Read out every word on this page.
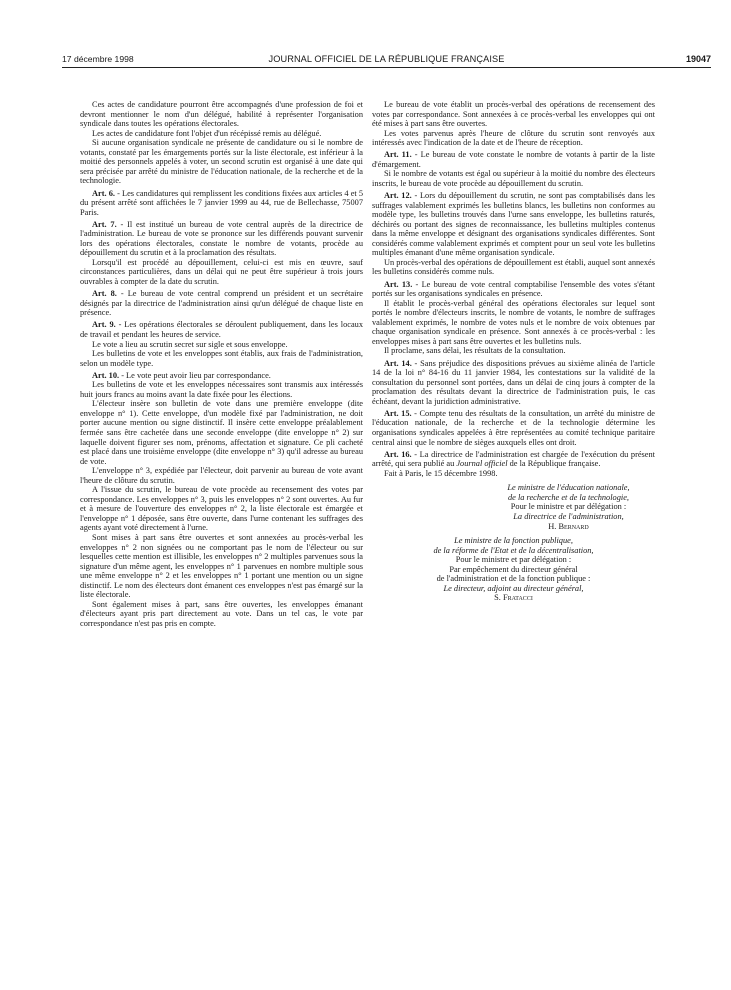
17 décembre 1998	JOURNAL OFFICIEL DE LA RÉPUBLIQUE FRANÇAISE	19047

Ces actes de candidature pourront être accompagnés d'une profession de foi et devront mentionner le nom d'un délégué, habilité à représenter l'organisation syndicale dans toutes les opérations électorales.

Les actes de candidature font l'objet d'un récépissé remis au délégué.

Si aucune organisation syndicale ne présente de candidature ou si le nombre de votants, constaté par les émargements portés sur la liste électorale, est inférieur à la moitié des personnels appelés à voter, un second scrutin est organisé à une date qui sera précisée par arrêté du ministre de l'éducation nationale, de la recherche et de la technologie.

Art. 6. - Les candidatures qui remplissent les conditions fixées aux articles 4 et 5 du présent arrêté sont affichées le 7 janvier 1999 au 44, rue de Bellechasse, 75007 Paris.

Art. 7. - Il est institué un bureau de vote central auprès de la directrice de l'administration. Le bureau de vote se prononce sur les différends pouvant survenir lors des opérations électorales, constate le nombre de votants, procède au dépouillement du scrutin et à la proclamation des résultats.

Lorsqu'il est procédé au dépouillement, celui-ci est mis en œuvre, sauf circonstances particulières, dans un délai qui ne peut être supérieur à trois jours ouvrables à compter de la date du scrutin.

Art. 8. - Le bureau de vote central comprend un président et un secrétaire désignés par la directrice de l'administration ainsi qu'un délégué de chaque liste en présence.

Art. 9. - Les opérations électorales se déroulent publiquement, dans les locaux de travail et pendant les heures de service.

Le vote a lieu au scrutin secret sur sigle et sous enveloppe.

Les bulletins de vote et les enveloppes sont établis, aux frais de l'administration, selon un modèle type.

Art. 10. - Le vote peut avoir lieu par correspondance.

Les bulletins de vote et les enveloppes nécessaires sont transmis aux intéressés huit jours francs au moins avant la date fixée pour les élections.

L'électeur insère son bulletin de vote dans une première enveloppe (dite enveloppe n° 1). Cette enveloppe, d'un modèle fixé par l'administration, ne doit porter aucune mention ou signe distinctif. Il insère cette enveloppe préalablement fermée sans être cachetée dans une seconde enveloppe (dite enveloppe n° 2) sur laquelle doivent figurer ses nom, prénoms, affectation et signature. Ce pli cacheté est placé dans une troisième enveloppe (dite enveloppe n° 3) qu'il adresse au bureau de vote.

L'enveloppe n° 3, expédiée par l'électeur, doit parvenir au bureau de vote avant l'heure de clôture du scrutin.

A l'issue du scrutin, le bureau de vote procède au recensement des votes par correspondance. Les enveloppes n° 3, puis les enveloppes n° 2 sont ouvertes. Au fur et à mesure de l'ouverture des enveloppes n° 2, la liste électorale est émargée et l'enveloppe n° 1 déposée, sans être ouverte, dans l'urne contenant les suffrages des agents ayant voté directement à l'urne.

Sont mises à part sans être ouvertes et sont annexées au procès-verbal les enveloppes n° 2 non signées ou ne comportant pas le nom de l'électeur ou sur lesquelles cette mention est illisible, les enveloppes n° 2 multiples parvenues sous la signature d'un même agent, les enveloppes n° 1 parvenues en nombre multiple sous une même enveloppe n° 2 et les enveloppes n° 1 portant une mention ou un signe distinctif. Le nom des électeurs dont émanent ces enveloppes n'est pas émargé sur la liste électorale.

Sont également mises à part, sans être ouvertes, les enveloppes émanant d'électeurs ayant pris part directement au vote. Dans un tel cas, le vote par correspondance n'est pas pris en compte.

Le bureau de vote établit un procès-verbal des opérations de recensement des votes par correspondance. Sont annexées à ce procès-verbal les enveloppes qui ont été mises à part sans être ouvertes.

Les votes parvenus après l'heure de clôture du scrutin sont renvoyés aux intéressés avec l'indication de la date et de l'heure de réception.

Art. 11. - Le bureau de vote constate le nombre de votants à partir de la liste d'émargement.

Si le nombre de votants est égal ou supérieur à la moitié du nombre des électeurs inscrits, le bureau de vote procède au dépouillement du scrutin.

Art. 12. - Lors du dépouillement du scrutin, ne sont pas comptabilisés dans les suffrages valablement exprimés les bulletins blancs, les bulletins non conformes au modèle type, les bulletins trouvés dans l'urne sans enveloppe, les bulletins raturés, déchirés ou portant des signes de reconnaissance, les bulletins multiples contenus dans la même enveloppe et désignant des organisations syndicales différentes. Sont considérés comme valablement exprimés et comptent pour un seul vote les bulletins multiples émanant d'une même organisation syndicale.

Un procès-verbal des opérations de dépouillement est établi, auquel sont annexés les bulletins considérés comme nuls.

Art. 13. - Le bureau de vote central comptabilise l'ensemble des votes s'étant portés sur les organisations syndicales en présence.

Il établit le procès-verbal général des opérations électorales sur lequel sont portés le nombre d'électeurs inscrits, le nombre de votants, le nombre de suffrages valablement exprimés, le nombre de votes nuls et le nombre de voix obtenues par chaque organisation syndicale en présence. Sont annexés à ce procès-verbal : les enveloppes mises à part sans être ouvertes et les bulletins nuls.

Il proclame, sans délai, les résultats de la consultation.

Art. 14. - Sans préjudice des dispositions prévues au sixième alinéa de l'article 14 de la loi n° 84-16 du 11 janvier 1984, les contestations sur la validité de la consultation du personnel sont portées, dans un délai de cinq jours à compter de la proclamation des résultats devant la directrice de l'administration puis, le cas échéant, devant la juridiction administrative.

Art. 15. - Compte tenu des résultats de la consultation, un arrêté du ministre de l'éducation nationale, de la recherche et de la technologie détermine les organisations syndicales appelées à être représentées au comité technique paritaire central ainsi que le nombre de sièges auxquels elles ont droit.

Art. 16. - La directrice de l'administration est chargée de l'exécution du présent arrêté, qui sera publié au Journal officiel de la République française.

Fait à Paris, le 15 décembre 1998.

Le ministre de l'éducation nationale,
de la recherche et de la technologie,
Pour le ministre et par délégation :
La directrice de l'administration,
H. Bernard
Le ministre de la fonction publique,
de la réforme de l'Etat et de la décentralisation,
Pour le ministre et par délégation :
Par empêchement du directeur général
de l'administration et de la fonction publique :
Le directeur, adjoint au directeur général,
S. Fratacci
